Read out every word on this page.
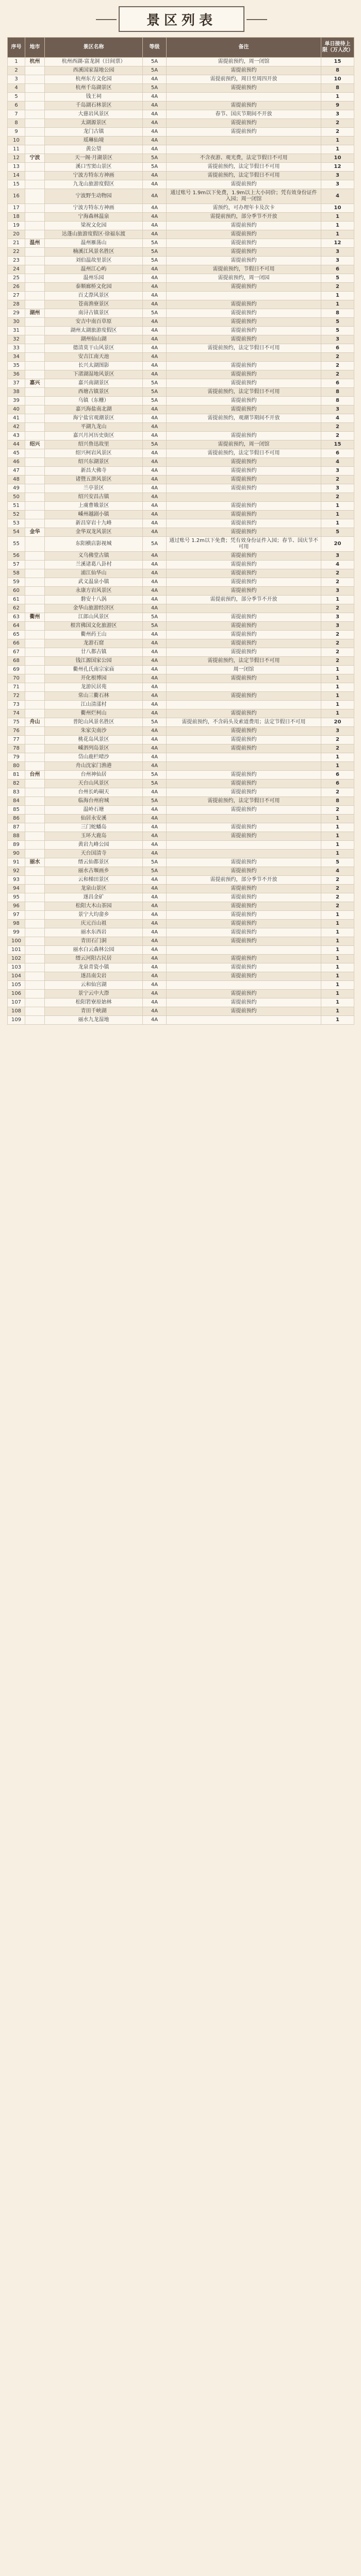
景区列表
序号	地市	景区名称	等级	备注	单日接待上限（万人次）
1	杭州	杭州西湖-富龙洞（日间票）	5A	需提前预约，周一闭馆	15
2		西溪国家湿地公园	5A	需提前预约	8
3		杭州东方文化园	4A	需提前预约，周日至周四开放	10
4		杭州千岛湖景区	5A	需提前预约	8
5		钱王祠	4A		1
6		千岛湖石林景区	4A	需提前预约	9
7		大慈岩风景区	4A	春节、国庆节期间不开放	3
8		太湖源景区	4A	需提前预约	2
9		龙门古镇	4A	需提前预约	2
10		瑶琳仙境	4A		1
11		黄公望	4A		1
12	宁波	天一阁·月湖景区	5A	不含夜游、观光费，法定节假日不可用	10
13		溪口雪窦山景区	5A	需提前预约，法定节假日不可用	12
14		宁波方特东方神画	4A	需提前预约，法定节假日不可用	3
15		九龙山旅游度假区	4A	需提前预约	3
16		宁波野生动物园	4A	通过账号 1.9m以下免费，1.9m以上大小同价；凭有效身份证件入园；周一闭馆	4
17		宁波方特东方神画	4A	需预约，可办理年卡及次卡	10
18		宁海森林温泉	4A	需提前预约，部分季节不开放	1
19		梁祝文化园	4A	需提前预约	1
20		达蓬山旅游度假区·徐福东渡	4A	需提前预约	1
21	温州	温州雁荡山	5A	需提前预约	12
22		楠溪江风景名胜区	5A	需提前预约	3
23		刘伯温故里景区	5A	需提前预约	3
24		温州江心屿	4A	需提前预约，节假日不可用	6
25		温州乐园	4A	需提前预约，周一闭园	5
26		泰顺廊桥文化园	4A	需提前预约	2
27		百丈漈风景区	4A		1
28		苍南渔寮景区	4A	需提前预约	1
29	湖州	南浔古镇景区	5A	需提前预约	8
30		安吉中南百草原	4A	需提前预约	5
31		湖州太湖旅游度假区	4A	需提前预约	5
32		湖州仙山湖	4A	需提前预约	3
33		德清莫干山风景区	4A	需提前预约，法定节假日不可用	6
34		安吉江南天池	4A		2
35		长兴太湖图影	4A	需提前预约	2
36		下渚湖湿地风景区	4A	需提前预约	2
37	嘉兴	嘉兴南湖景区	5A	需提前预约	6
38		西塘古镇景区	5A	需提前预约，法定节假日不可用	8
39		乌镇（东栅）	5A	需提前预约	8
40		嘉兴海盐南北湖	4A	需提前预约	3
41		海宁盐官观潮景区	4A	需提前预约，观潮节期间不开放	4
42		平湖九龙山	4A		2
43		嘉兴月河历史街区	4A	需提前预约	2
44	绍兴	绍兴鲁迅故里	5A	需提前预约，周一闭馆	15
45		绍兴柯岩风景区	4A	需提前预约，法定节假日不可用	6
46		绍兴东湖景区	4A	需提前预约	4
47		新昌大佛寺	4A	需提前预约	3
48		诸暨五泄风景区	4A	需提前预约	2
49		兰亭景区	4A	需提前预约	3
50		绍兴安昌古镇	4A		2
51		上虞曹娥景区	4A	需提前预约	1
52		嵊州越剧小镇	4A	需提前预约	1
53		新昌穿岩十九峰	4A	需提前预约	1
54	金华	金华双龙风景区	4A	需提前预约	5
55		东阳横店影视城	5A	通过账号 1.2m以下免费；凭有效身份证件入园；春节、国庆节不可用	20
56		义乌佛堂古镇	4A	需提前预约	3
57		兰溪诸葛八卦村	4A	需提前预约	4
58		浦江仙华山	4A	需提前预约	2
59		武义温泉小镇	4A	需提前预约	2
60		永康方岩风景区	4A	需提前预约	3
61		磐安十八涡	4A	需提前预约，部分季节不开放	1
62		金华山旅游经济区	4A		2
63	衢州	江郎山风景区	5A	需提前预约	3
64		根宮佛国文化旅游区	5A	需提前预约	3
65		衢州药王山	4A	需提前预约	2
66		龙游石窟	4A	需提前预约	2
67		廿八都古镇	4A	需提前预约	2
68		钱江源国家公园	4A	需提前预约，法定节假日不可用	2
69		衢州孔氏南宗家庙	4A	周一闭馆	1
70		开化根博园	4A	需提前预约	1
71		龙游民居苑	4A		1
72		常山三衢石林	4A	需提前预约	1
73		江山清漾村	4A		1
74		衢州烂柯山	4A	需提前预约	1
75	舟山	普陀山风景名胜区	5A	需提前预约，不含码头及索道费用；法定节假日不可用	20
76		朱家尖南沙	4A	需提前预约	3
77		桃花岛风景区	4A	需提前预约	2
78		嵊泗列岛景区	4A	需提前预约	2
79		岱山鹿栏晴沙	4A		1
80		舟山沈家门渔港	4A		1
81	台州	台州神仙居	5A	需提前预约	6
82		天台山风景区	5A	需提前预约	6
83		台州长屿硐天	4A	需提前预约	2
84		临海台州府城	5A	需提前预约，法定节假日不可用	8
85		温岭石塘	4A	需提前预约	2
86		仙居永安溪	4A		1
87		三门蛇蟠岛	4A	需提前预约	1
88		玉环大鹿岛	4A	需提前预约	1
89		黄岩九峰公园	4A		1
90		天台国清寺	4A		1
91	丽水	缙云仙都景区	5A	需提前预约	5
92		丽水古堰画乡	5A	需提前预约	4
93		云和梯田景区	4A	需提前预约，部分季节不开放	2
94		龙泉山景区	4A	需提前预约	2
95		遂昌金矿	4A	需提前预约	2
96		松阳大木山茶园	4A	需提前预约	2
97		景宁大均畲乡	4A	需提前预约	1
98		庆元百山祖	4A	需提前预约	1
99		丽水东西岩	4A	需提前预约	1
100		青田石门洞	4A	需提前预约	1
101		丽水白云森林公园	4A		1
102		缙云河阳古民居	4A	需提前预约	1
103		龙泉青瓷小镇	4A	需提前预约	1
104		遂昌南尖岩	4A	需提前预约	1
105		云和仙宫湖	4A		1
106		景宁云中大漈	4A	需提前预约	1
107		松阳箬寮原始林	4A	需提前预约	1
108		青田千峡湖	4A	需提前预约	1
109		丽水九龙湿地	4A		1
